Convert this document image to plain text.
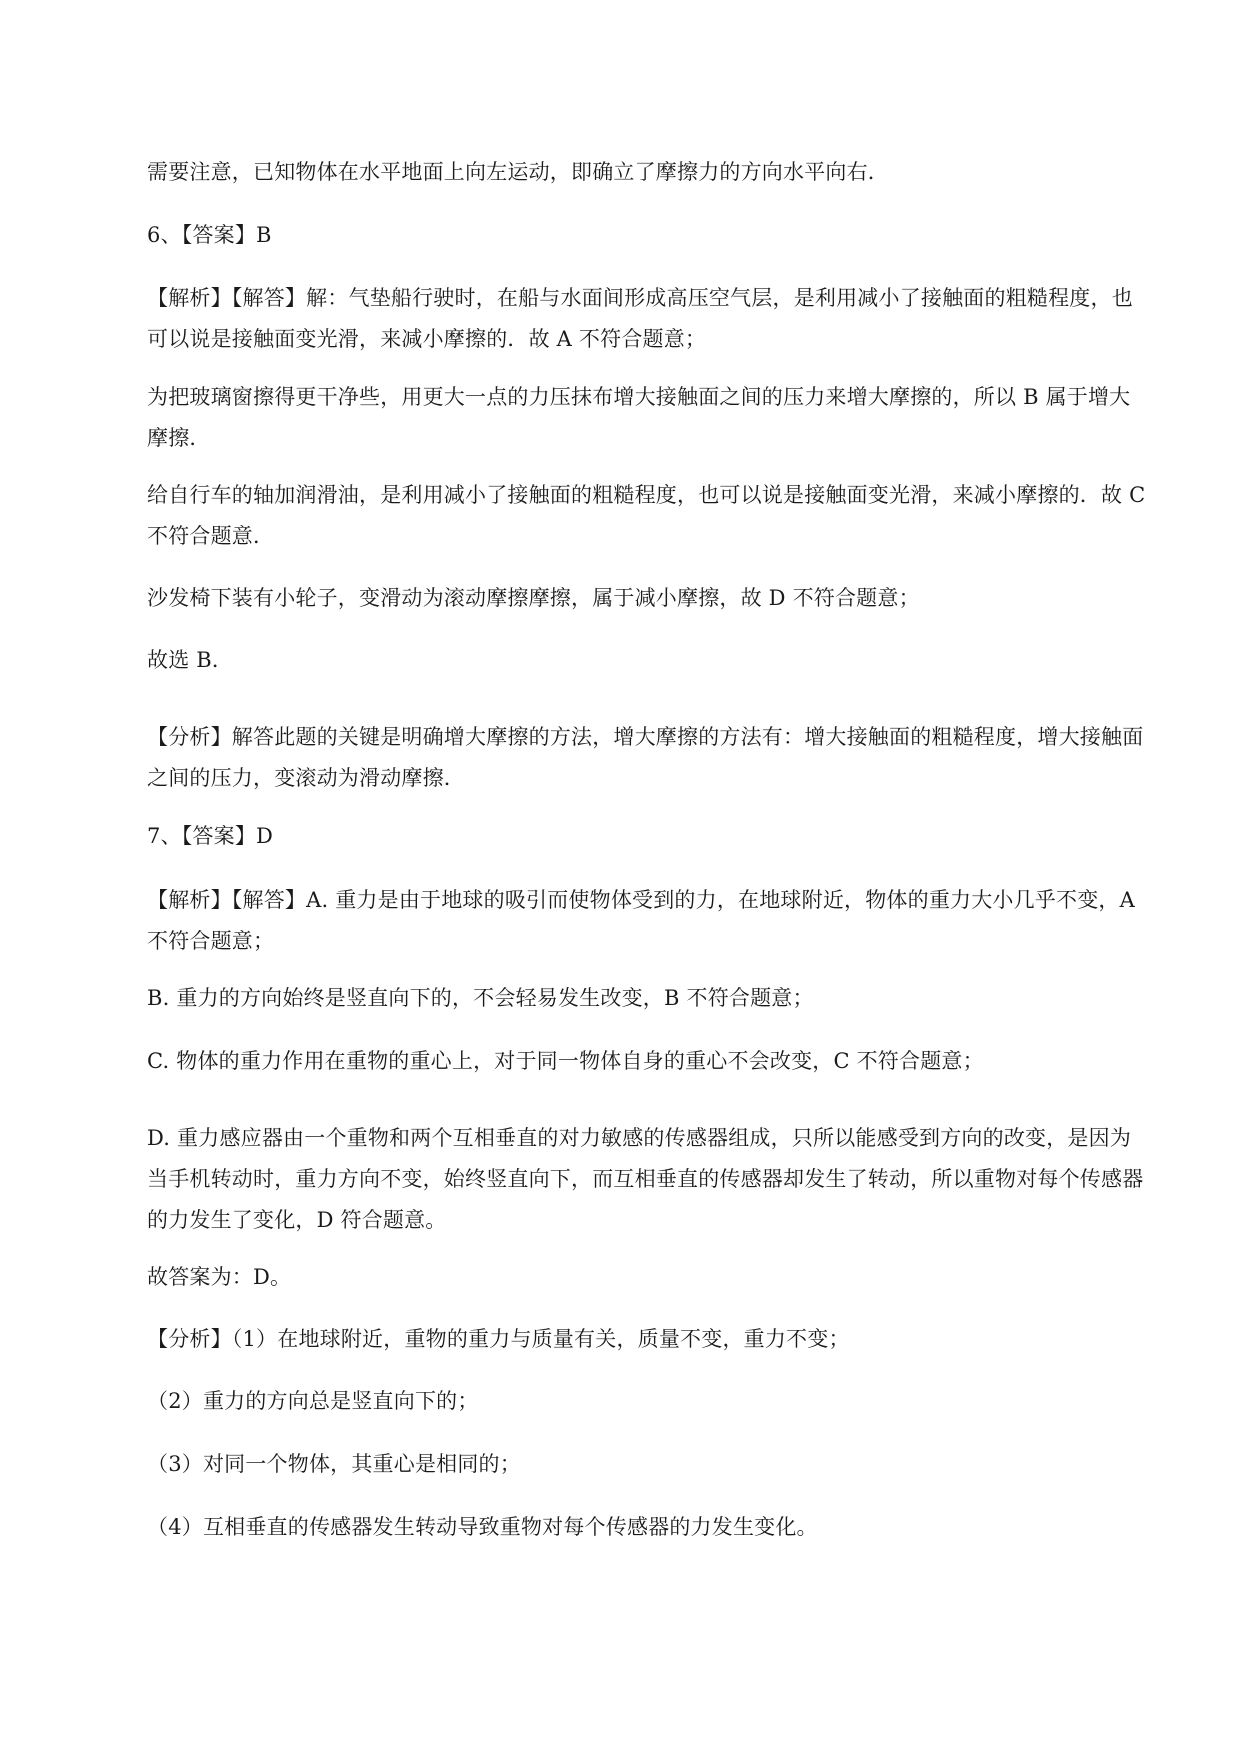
需要注意，已知物体在水平地面上向左运动，即确立了摩擦力的方向水平向右．

6、【答案】B

【解析】【解答】解：气垫船行驶时，在船与水面间形成高压空气层，是利用减小了接触面的粗糙程度，也可以说是接触面变光滑，来减小摩擦的．故 A 不符合题意；

为把玻璃窗擦得更干净些，用更大一点的力压抹布增大接触面之间的压力来增大摩擦的，所以 B 属于增大摩擦．

给自行车的轴加润滑油，是利用减小了接触面的粗糙程度，也可以说是接触面变光滑，来减小摩擦的．故 C 不符合题意．

沙发椅下装有小轮子，变滑动为滚动摩擦摩擦，属于减小摩擦，故 D 不符合题意；

故选 B．

【分析】解答此题的关键是明确增大摩擦的方法，增大摩擦的方法有：增大接触面的粗糙程度，增大接触面之间的压力，变滚动为滑动摩擦．

7、【答案】D

【解析】【解答】A. 重力是由于地球的吸引而使物体受到的力，在地球附近，物体的重力大小几乎不变，A 不符合题意；

B. 重力的方向始终是竖直向下的，不会轻易发生改变，B 不符合题意；

C. 物体的重力作用在重物的重心上，对于同一物体自身的重心不会改变，C 不符合题意；

D. 重力感应器由一个重物和两个互相垂直的对力敏感的传感器组成，只所以能感受到方向的改变，是因为当手机转动时，重力方向不变，始终竖直向下，而互相垂直的传感器却发生了转动，所以重物对每个传感器的力发生了变化，D 符合题意。

故答案为：D。

【分析】（1）在地球附近，重物的重力与质量有关，质量不变，重力不变；

（2）重力的方向总是竖直向下的；

（3）对同一个物体，其重心是相同的；

（4）互相垂直的传感器发生转动导致重物对每个传感器的力发生变化。
